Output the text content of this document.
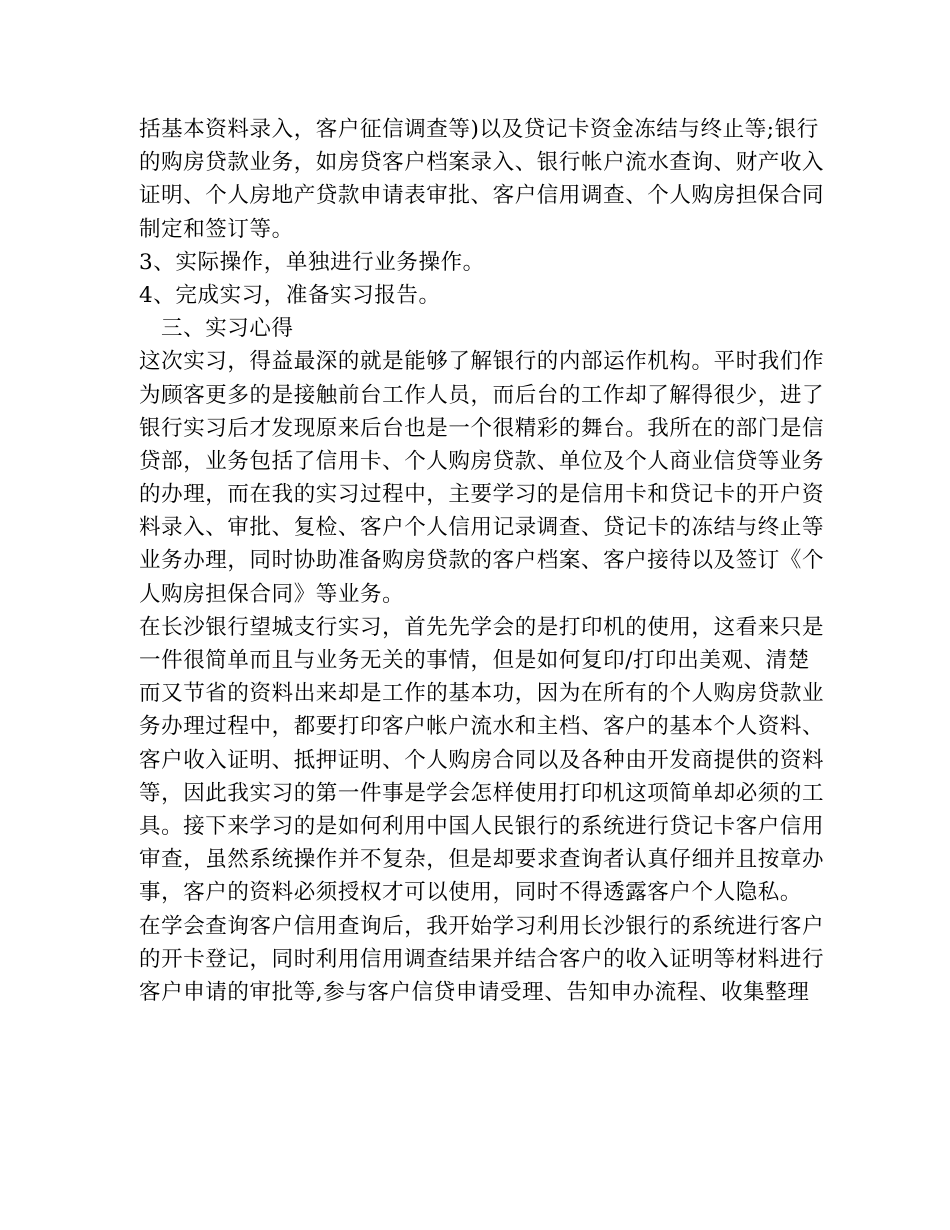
括基本资料录入，客户征信调查等)以及贷记卡资金冻结与终止等;银行
的购房贷款业务，如房贷客户档案录入、银行帐户流水查询、财产收入
证明、个人房地产贷款申请表审批、客户信用调查、个人购房担保合同
制定和签订等。
3、实际操作，单独进行业务操作。
4、完成实习，准备实习报告。
三、实习心得
这次实习，得益最深的就是能够了解银行的内部运作机构。平时我们作
为顾客更多的是接触前台工作人员，而后台的工作却了解得很少，进了
银行实习后才发现原来后台也是一个很精彩的舞台。我所在的部门是信
贷部，业务包括了信用卡、个人购房贷款、单位及个人商业信贷等业务
的办理，而在我的实习过程中，主要学习的是信用卡和贷记卡的开户资
料录入、审批、复检、客户个人信用记录调查、贷记卡的冻结与终止等
业务办理，同时协助准备购房贷款的客户档案、客户接待以及签订《个
人购房担保合同》等业务。
在长沙银行望城支行实习，首先先学会的是打印机的使用，这看来只是
一件很简单而且与业务无关的事情，但是如何复印/打印出美观、清楚
而又节省的资料出来却是工作的基本功，因为在所有的个人购房贷款业
务办理过程中，都要打印客户帐户流水和主档、客户的基本个人资料、
客户收入证明、抵押证明、个人购房合同以及各种由开发商提供的资料
等，因此我实习的第一件事是学会怎样使用打印机这项简单却必须的工
具。接下来学习的是如何利用中国人民银行的系统进行贷记卡客户信用
审查，虽然系统操作并不复杂，但是却要求查询者认真仔细并且按章办
事，客户的资料必须授权才可以使用，同时不得透露客户个人隐私。
在学会查询客户信用查询后，我开始学习利用长沙银行的系统进行客户
的开卡登记，同时利用信用调查结果并结合客户的收入证明等材料进行
客户申请的审批等,参与客户信贷申请受理、告知申办流程、收集整理
